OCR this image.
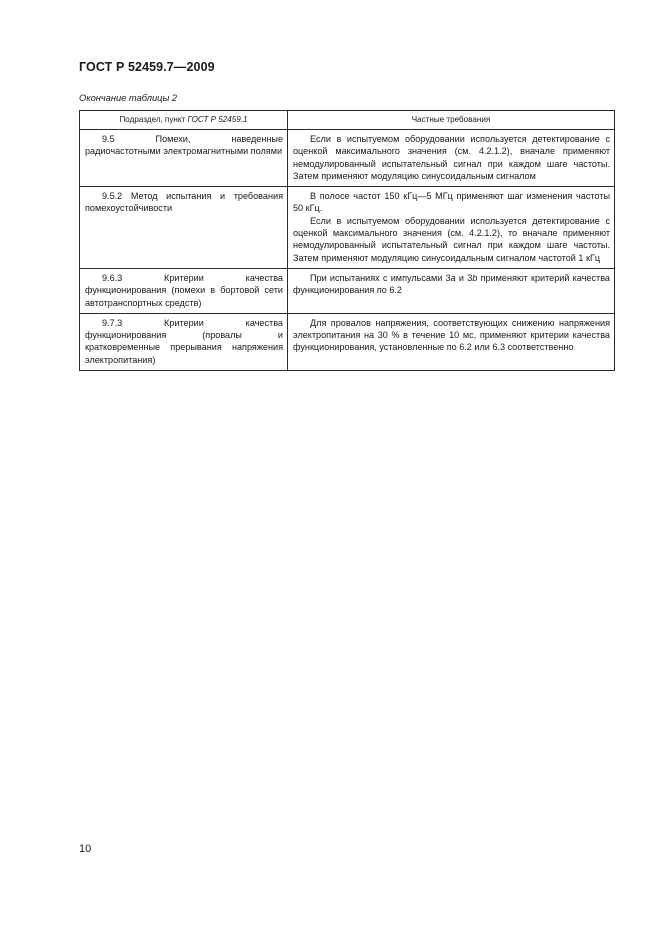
ГОСТ Р 52459.7—2009
Окончание таблицы 2
Подраздел, пункт ГОСТ Р 52459.1	Частные требования

9.5 Помехи, наведенные радиочастотными электромагнитными полями	Если в испытуемом оборудовании используется детектирование с оценкой максимального значения (см. 4.2.1.2), вначале применяют немодулированный испытательный сигнал при каждом шаге частоты. Затем применяют модуляцию синусоидальным сигналом

9.5.2 Метод испытания и требования помехоустойчивости	В полосе частот 150 кГц—5 МГц применяют шаг изменения частоты 50 кГц.

Если в испытуемом оборудовании используется детектирование с оценкой максимального значения (см. 4.2.1.2), то вначале применяют немодулированный испытательный сигнал при каждом шаге частоты. Затем применяют модуляцию синусоидальным сигналом частотой 1 кГц

9.6.3 Критерии качества функционирования (помехи в бортовой сети автотранспортных средств)	При испытаниях с импульсами 3a и 3b применяют критерий качества функционирования по 6.2

9.7.3 Критерии качества функционирования (провалы и кратковременные прерывания напряжения электропитания)	Для провалов напряжения, соответствующих снижению напряжения электропитания на 30 % в течение 10 мс, применяют критерии качества функционирования, установленные по 6.2 или 6.3 соответственно

10
